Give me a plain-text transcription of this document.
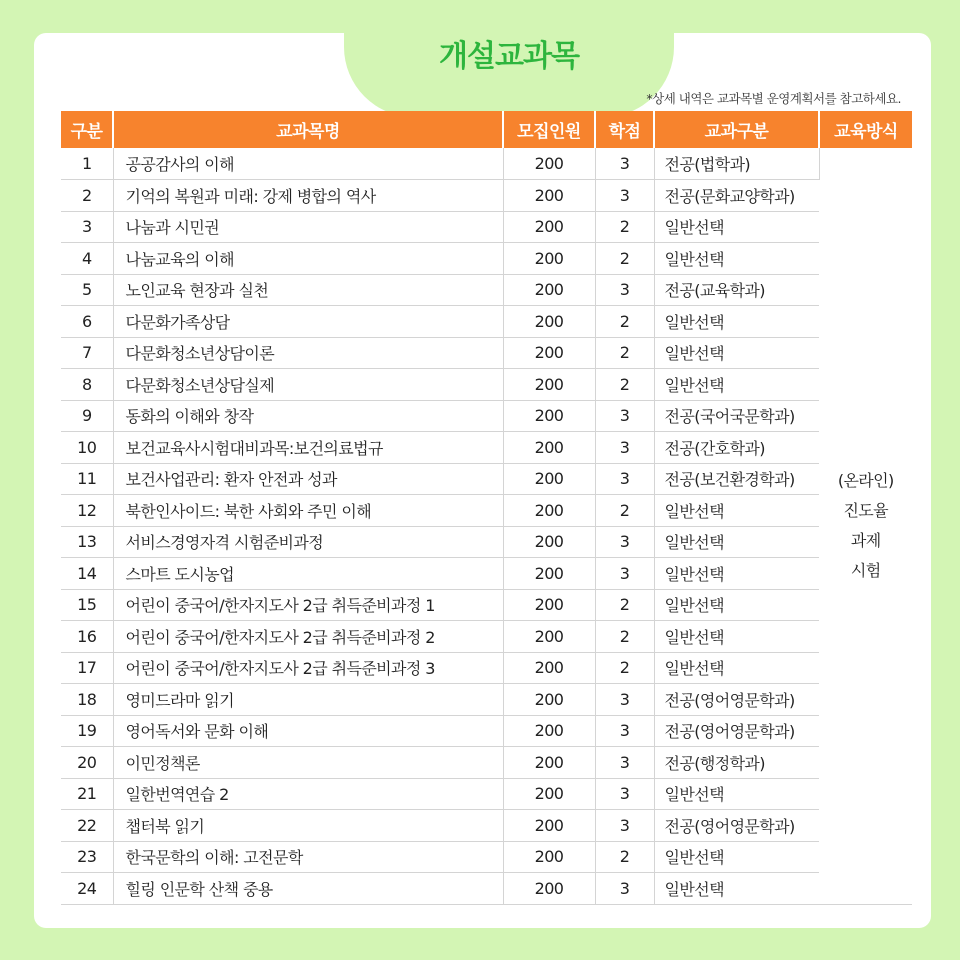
개설교과목
*상세 내역은 교과목별 운영계획서를 참고하세요.
구분	교과목명	모집인원	학점	교과구분	교육방식
1	공공감사의 이해	200	3	전공(법학과)	(온라인)
진도율
과제
시험

2	기억의 복원과 미래: 강제 병합의 역사	200	3	전공(문화교양학과)	
3	나눔과 시민권	200	2	일반선택	
4	나눔교육의 이해	200	2	일반선택	
5	노인교육 현장과 실천	200	3	전공(교육학과)	
6	다문화가족상담	200	2	일반선택	
7	다문화청소년상담이론	200	2	일반선택	
8	다문화청소년상담실제	200	2	일반선택	
9	동화의 이해와 창작	200	3	전공(국어국문학과)	
10	보건교육사시험대비과목:보건의료법규	200	3	전공(간호학과)	
11	보건사업관리: 환자 안전과 성과	200	3	전공(보건환경학과)	
12	북한인사이드: 북한 사회와 주민 이해	200	2	일반선택	
13	서비스경영자격 시험준비과정	200	3	일반선택	
14	스마트 도시농업	200	3	일반선택	
15	어린이 중국어/한자지도사 2급 취득준비과정 1	200	2	일반선택	
16	어린이 중국어/한자지도사 2급 취득준비과정 2	200	2	일반선택	
17	어린이 중국어/한자지도사 2급 취득준비과정 3	200	2	일반선택	
18	영미드라마 읽기	200	3	전공(영어영문학과)	
19	영어독서와 문화 이해	200	3	전공(영어영문학과)	
20	이민정책론	200	3	전공(행정학과)	
21	일한번역연습 2	200	3	일반선택	
22	챕터북 읽기	200	3	전공(영어영문학과)	
23	한국문학의 이해: 고전문학	200	2	일반선택	
24	힐링 인문학 산책 중용	200	3	일반선택	
